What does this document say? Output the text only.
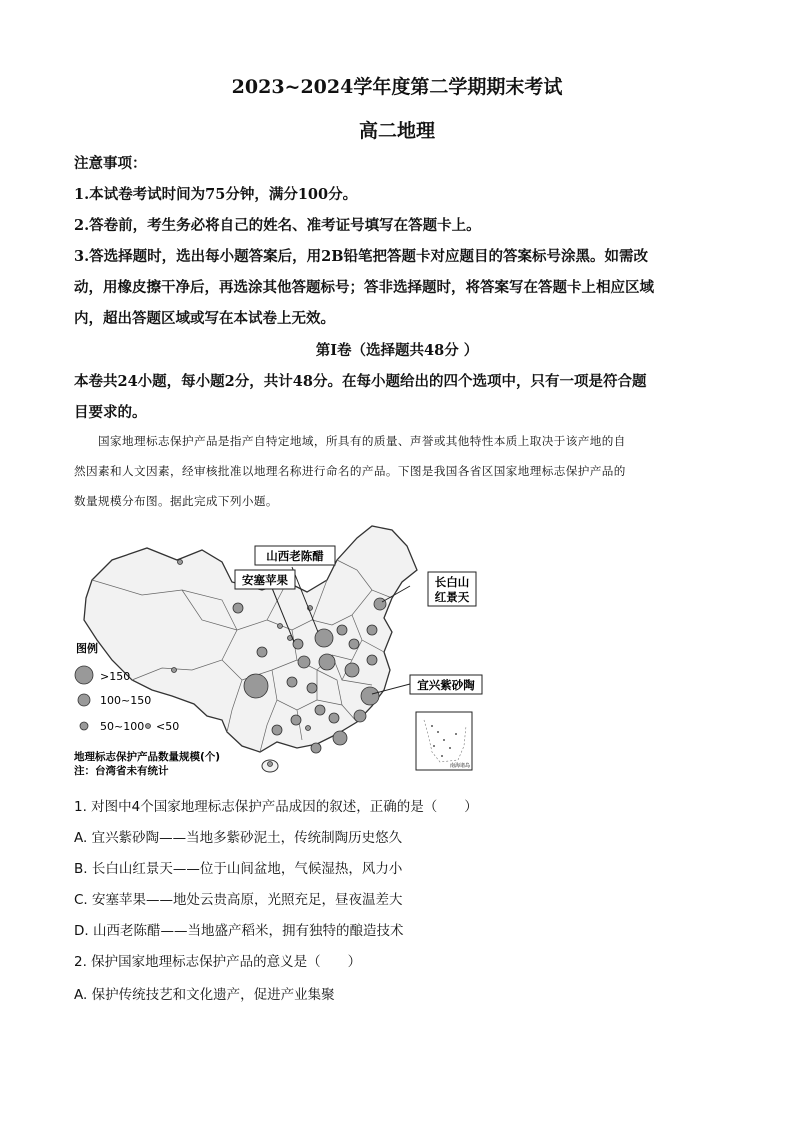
2023~2024学年度第二学期期末考试
高二地理
注意事项：
1.本试卷考试时间为75分钟，满分100分。
2.答卷前，考生务必将自己的姓名、准考证号填写在答题卡上。
3.答选择题时，选出每小题答案后，用2B铅笔把答题卡对应题目的答案标号涂黑。如需改
动，用橡皮擦干净后，再选涂其他答题标号；答非选择题时，将答案写在答题卡上相应区域
内，超出答题区域或写在本试卷上无效。
第Ⅰ卷（选择题共48分 ）
本卷共24小题，每小题2分，共计48分。在每小题给出的四个选项中，只有一项是符合题
目要求的。
　　国家地理标志保护产品是指产自特定地域，所具有的质量、声誉或其他特性本质上取决于该产地的自
然因素和人文因素，经审核批准以地理名称进行命名的产品。下图是我国各省区国家地理标志保护产品的
数量规模分布图。据此完成下列小题。
山西老陈醋
安塞苹果	长白山
红景天
宜兴紫砂陶
南海诸岛
图例
>150
100~150
50~100 <50
地理标志保护产品数量规模(个)
注：台湾省未有统计
1. 对图中4个国家地理标志保护产品成因的叙述，正确的是（　　）
A. 宜兴紫砂陶——当地多紫砂泥土，传统制陶历史悠久
B. 长白山红景天——位于山间盆地，气候湿热，风力小
C. 安塞苹果——地处云贵高原，光照充足，昼夜温差大
D. 山西老陈醋——当地盛产稻米，拥有独特的酿造技术
2. 保护国家地理标志保护产品的意义是（　　）
A. 保护传统技艺和文化遗产，促进产业集聚
